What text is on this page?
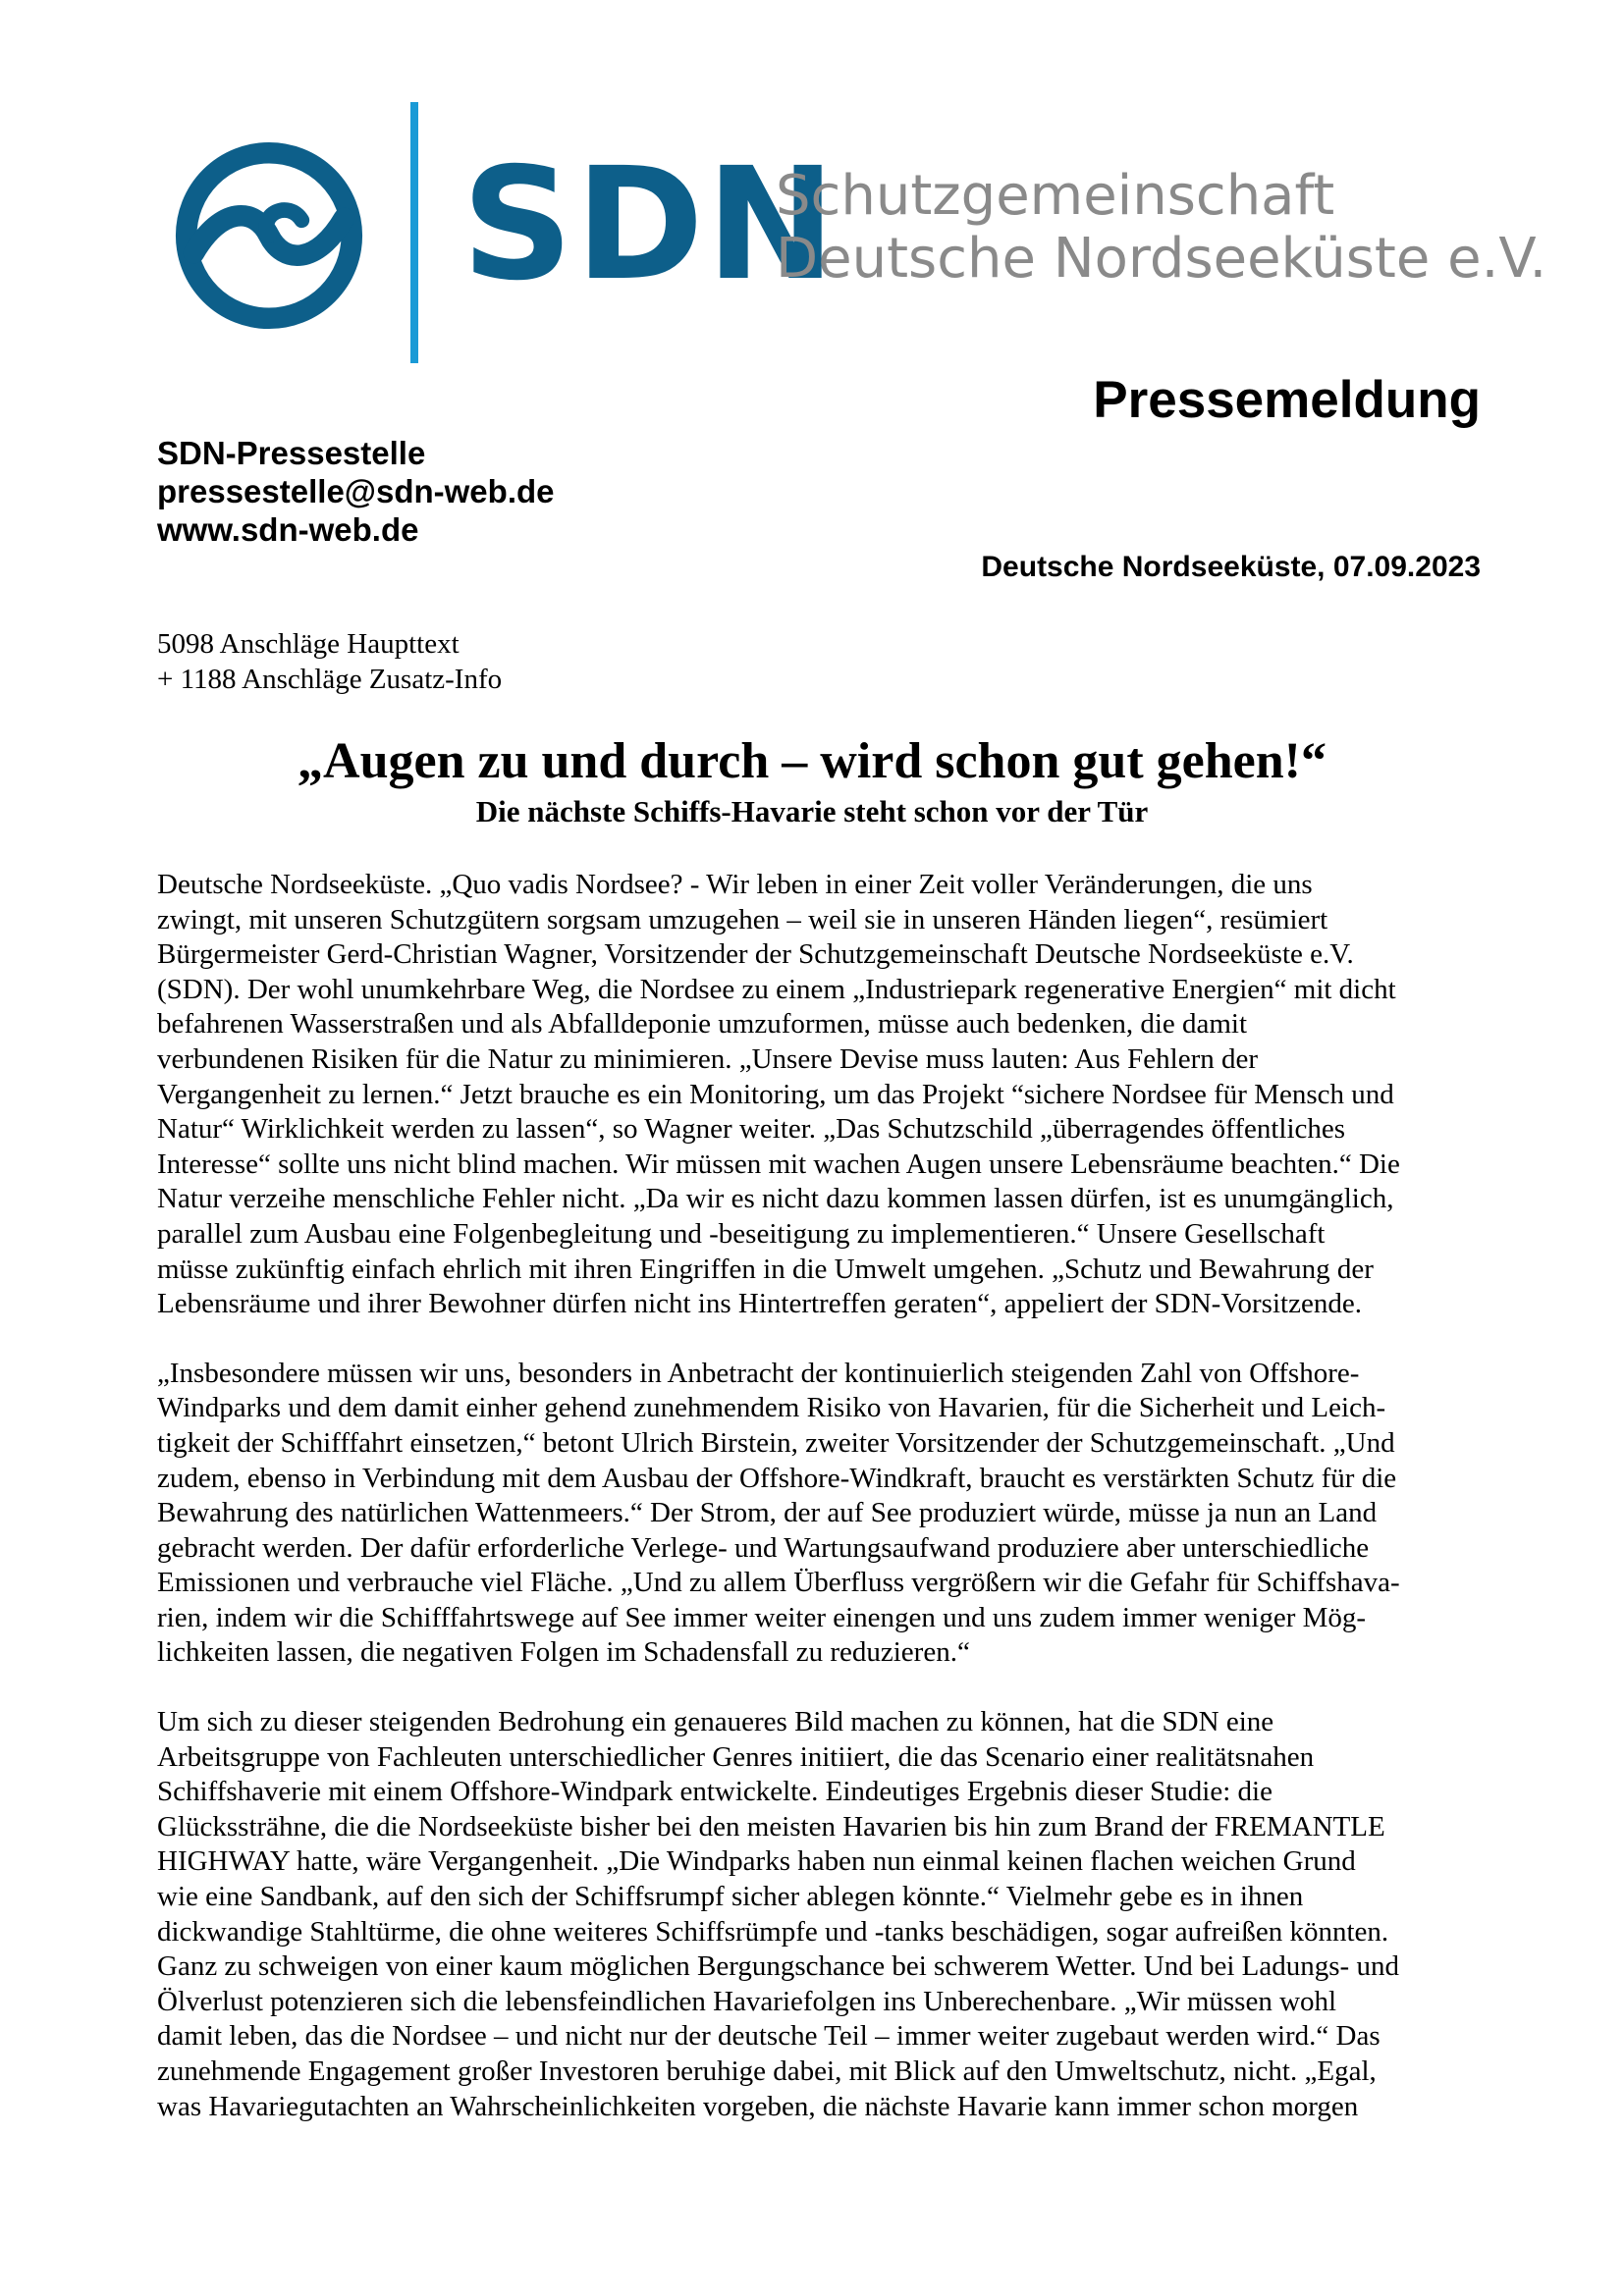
SDN
Schutzgemeinschaft
Deutsche Nordseeküste e.V.
Pressemeldung
SDN-Pressestelle
pressestelle@sdn-web.de
www.sdn-web.de
Deutsche Nordseeküste, 07.09.2023
5098 Anschläge Haupttext
+ 1188 Anschläge Zusatz-Info
„Augen zu und durch – wird schon gut gehen!“
Die nächste Schiffs-Havarie steht schon vor der Tür

Deutsche Nordseeküste. „Quo vadis Nordsee? - Wir leben in einer Zeit voller Veränderungen, die uns
zwingt, mit unseren Schutzgütern sorgsam umzugehen – weil sie in unseren Händen liegen“, resümiert
Bürgermeister Gerd-Christian Wagner, Vorsitzender der Schutzgemeinschaft Deutsche Nordseeküste e.V.
(SDN). Der wohl unumkehrbare Weg, die Nordsee zu einem „Industriepark regenerative Energien“ mit dicht
befahrenen Wasserstraßen und als Abfalldeponie umzuformen, müsse auch bedenken, die damit
verbundenen Risiken für die Natur zu minimieren. „Unsere Devise muss lauten: Aus Fehlern der
Vergangenheit zu lernen.“ Jetzt brauche es ein Monitoring, um das Projekt “sichere Nordsee für Mensch und
Natur“ Wirklichkeit werden zu lassen“, so Wagner weiter. „Das Schutzschild „überragendes öffentliches
Interesse“ sollte uns nicht blind machen. Wir müssen mit wachen Augen unsere Lebensräume beachten.“ Die
Natur verzeihe menschliche Fehler nicht. „Da wir es nicht dazu kommen lassen dürfen, ist es unumgänglich,
parallel zum Ausbau eine Folgenbegleitung und -beseitigung zu implementieren.“ Unsere Gesellschaft
müsse zukünftig einfach ehrlich mit ihren Eingriffen in die Umwelt umgehen. „Schutz und Bewahrung der
Lebensräume und ihrer Bewohner dürfen nicht ins Hintertreffen geraten“, appeliert der SDN-Vorsitzende.

„Insbesondere müssen wir uns, besonders in Anbetracht der kontinuierlich steigenden Zahl von Offshore-
Windparks und dem damit einher gehend zunehmendem Risiko von Havarien, für die Sicherheit und Leich-
tigkeit der Schifffahrt einsetzen,“ betont Ulrich Birstein, zweiter Vorsitzender der Schutzgemeinschaft. „Und
zudem, ebenso in Verbindung mit dem Ausbau der Offshore-Windkraft, braucht es verstärkten Schutz für die
Bewahrung des natürlichen Wattenmeers.“ Der Strom, der auf See produziert würde, müsse ja nun an Land
gebracht werden. Der dafür erforderliche Verlege- und Wartungsaufwand produziere aber unterschiedliche
Emissionen und verbrauche viel Fläche. „Und zu allem Überfluss vergrößern wir die Gefahr für Schiffshava-
rien, indem wir die Schifffahrtswege auf See immer weiter einengen und uns zudem immer weniger Mög-
lichkeiten lassen, die negativen Folgen im Schadensfall zu reduzieren.“

Um sich zu dieser steigenden Bedrohung ein genaueres Bild machen zu können, hat die SDN eine
Arbeitsgruppe von Fachleuten unterschiedlicher Genres initiiert, die das Scenario einer realitätsnahen
Schiffshaverie mit einem Offshore-Windpark entwickelte. Eindeutiges Ergebnis dieser Studie: die
Glückssträhne, die die Nordseeküste bisher bei den meisten Havarien bis hin zum Brand der FREMANTLE
HIGHWAY hatte, wäre Vergangenheit. „Die Windparks haben nun einmal keinen flachen weichen Grund
wie eine Sandbank, auf den sich der Schiffsrumpf sicher ablegen könnte.“ Vielmehr gebe es in ihnen
dickwandige Stahltürme, die ohne weiteres Schiffsrümpfe und -tanks beschädigen, sogar aufreißen könnten.
Ganz zu schweigen von einer kaum möglichen Bergungschance bei schwerem Wetter. Und bei Ladungs- und
Ölverlust potenzieren sich die lebensfeindlichen Havariefolgen ins Unberechenbare. „Wir müssen wohl
damit leben, das die Nordsee – und nicht nur der deutsche Teil – immer weiter zugebaut werden wird.“ Das
zunehmende Engagement großer Investoren beruhige dabei, mit Blick auf den Umweltschutz, nicht. „Egal,
was Havariegutachten an Wahrscheinlichkeiten vorgeben, die nächste Havarie kann immer schon morgen
